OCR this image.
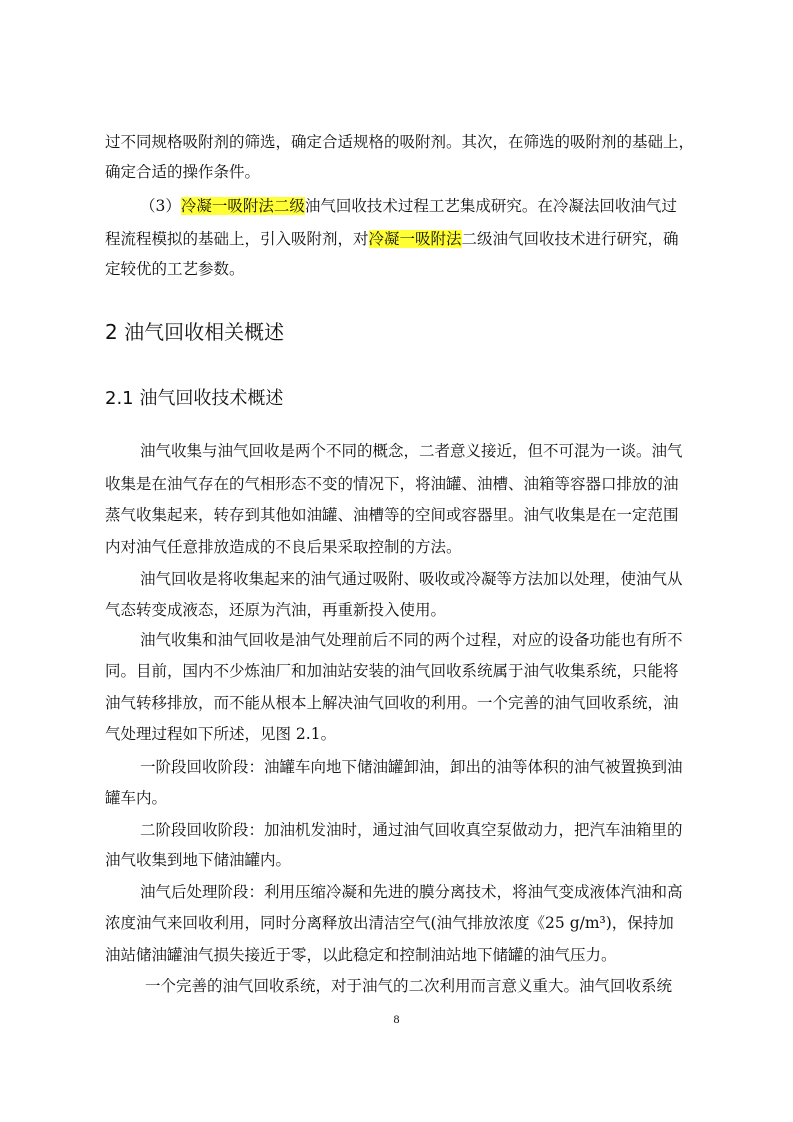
过不同规格吸附剂的筛选，确定合适规格的吸附剂。其次，在筛选的吸附剂的基础上，
确定合适的操作条件。
（3）冷凝一吸附法二级油气回收技术过程工艺集成研究。在冷凝法回收油气过
程流程模拟的基础上，引入吸附剂，对冷凝一吸附法二级油气回收技术进行研究，确
定较优的工艺参数。
2 油气回收相关概述
2.1 油气回收技术概述
油气收集与油气回收是两个不同的概念，二者意义接近，但不可混为一谈。油气
收集是在油气存在的气相形态不变的情况下，将油罐、油槽、油箱等容器口排放的油
蒸气收集起来，转存到其他如油罐、油槽等的空间或容器里。油气收集是在一定范围
内对油气任意排放造成的不良后果采取控制的方法。
油气回收是将收集起来的油气通过吸附、吸收或冷凝等方法加以处理，使油气从
气态转变成液态，还原为汽油，再重新投入使用。
油气收集和油气回收是油气处理前后不同的两个过程，对应的设备功能也有所不
同。目前，国内不少炼油厂和加油站安装的油气回收系统属于油气收集系统，只能将
油气转移排放，而不能从根本上解决油气回收的利用。一个完善的油气回收系统，油
气处理过程如下所述，见图 2.1。
一阶段回收阶段：油罐车向地下储油罐卸油，卸出的油等体积的油气被置换到油
罐车内。
二阶段回收阶段：加油机发油时，通过油气回收真空泵做动力，把汽车油箱里的
油气收集到地下储油罐内。
油气后处理阶段：利用压缩冷凝和先进的膜分离技术，将油气变成液体汽油和高
浓度油气来回收利用，同时分离释放出清洁空气(油气排放浓度《25 g/m³)，保持加
油站储油罐油气损失接近于零，以此稳定和控制油站地下储罐的油气压力。
一个完善的油气回收系统，对于油气的二次利用而言意义重大。油气回收系统
8
